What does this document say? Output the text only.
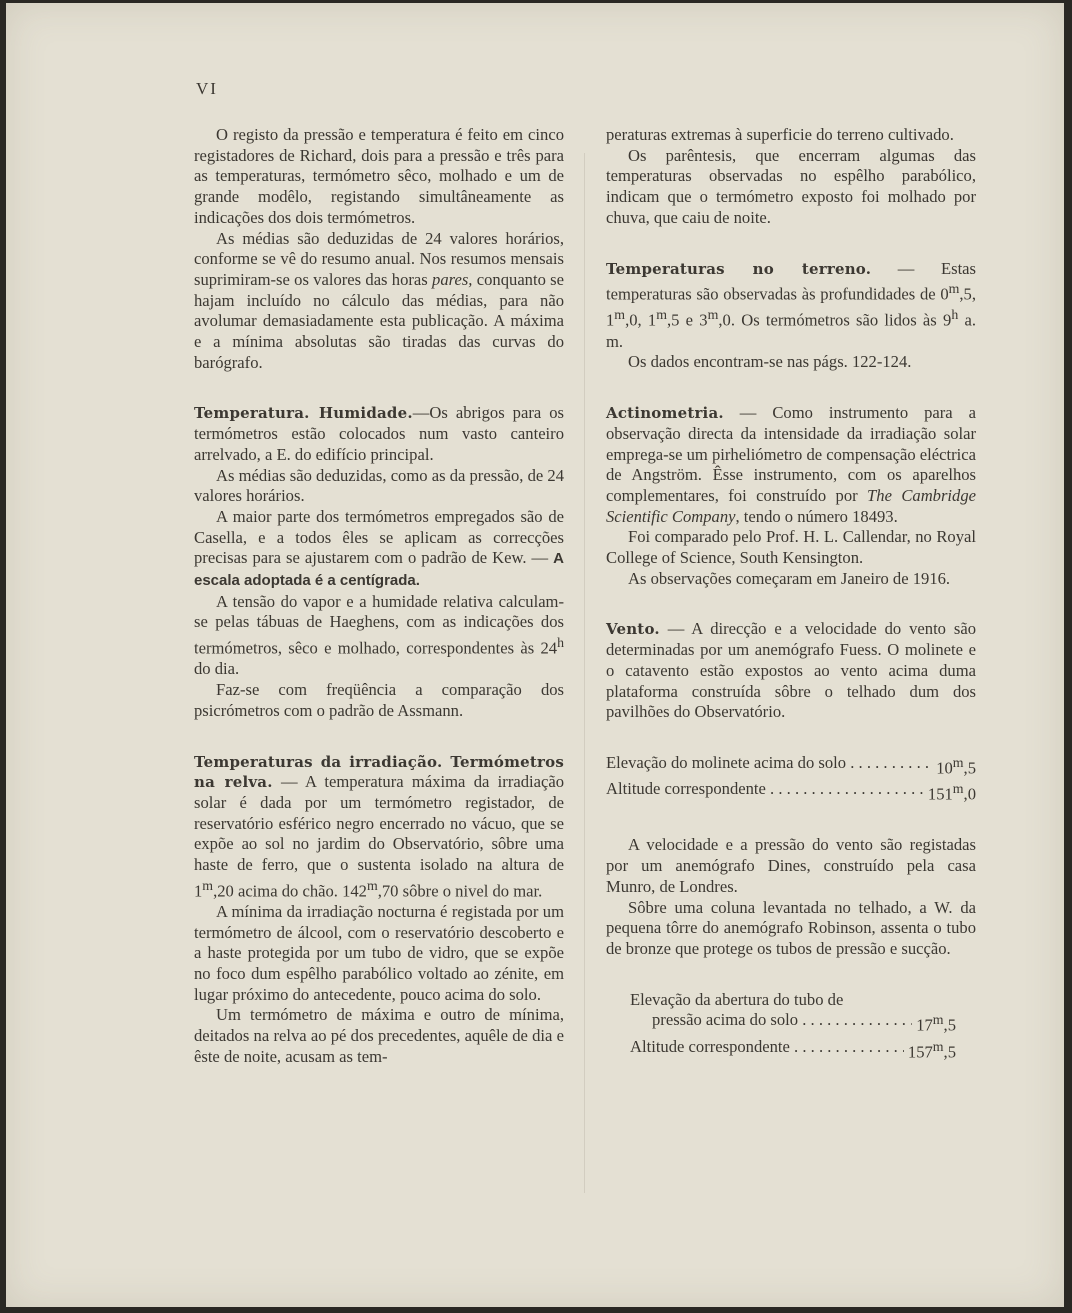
VI

O registo da pressão e temperatura é feito em cinco registadores de Richard, dois para a pressão e três para as temperaturas, termómetro sêco, molhado e um de grande modêlo, registando simultâneamente as indicações dos dois termómetros.

As médias são deduzidas de 24 valores horários, conforme se vê do resumo anual. Nos resumos mensais suprimiram-se os valores das horas pares, conquanto se hajam incluído no cálculo das médias, para não avolumar demasiadamente esta publicação. A máxima e a mínima absolutas são tiradas das curvas do barógrafo.

Temperatura. Humidade.—Os abrigos para os termómetros estão colocados num vasto canteiro arrelvado, a E. do edifício principal.

As médias são deduzidas, como as da pressão, de 24 valores horários.

A maior parte dos termómetros empregados são de Casella, e a todos êles se aplicam as correcções precisas para se ajustarem com o padrão de Kew. — A escala adoptada é a centígrada.

A tensão do vapor e a humidade relativa calculam-se pelas tábuas de Haeghens, com as indicações dos termómetros, sêco e molhado, correspondentes às 24$^h$ do dia.

Faz-se com freqüência a comparação dos psicrómetros com o padrão de Assmann.

Temperaturas da irradiação. Termómetros na relva. — A temperatura máxima da irradiação solar é dada por um termómetro registador, de reservatório esférico negro encerrado no vácuo, que se expõe ao sol no jardim do Observatório, sôbre uma haste de ferro, que o sustenta isolado na altura de 1$^m$,20 acima do chão. 142$^m$,70 sôbre o nivel do mar.

A mínima da irradiação nocturna é registada por um termómetro de álcool, com o reservatório descoberto e a haste protegida por um tubo de vidro, que se expõe no foco dum espêlho parabólico voltado ao zénite, em lugar próximo do antecedente, pouco acima do solo.

Um termómetro de máxima e outro de mínima, deitados na relva ao pé dos precedentes, aquêle de dia e êste de noite, acusam as tem-

peraturas extremas à superficie do terreno cultivado.

Os parêntesis, que encerram algumas das temperaturas observadas no espêlho parabólico, indicam que o termómetro exposto foi molhado por chuva, que caiu de noite.

Temperaturas no terreno. — Estas temperaturas são observadas às profundidades de 0$^m$,5, 1$^m$,0, 1$^m$,5 e 3$^m$,0. Os termómetros são lidos às 9$^h$ a. m.

Os dados encontram-se nas págs. 122-124.

Actinometria. — Como instrumento para a observação directa da intensidade da irradiação solar emprega-se um pirheliómetro de compensação eléctrica de Angström. Êsse instrumento, com os aparelhos complementares, foi construído por The Cambridge Scientific Company, tendo o número 18493.

Foi comparado pelo Prof. H. L. Callendar, no Royal College of Science, South Kensington.

As observações começaram em Janeiro de 1916.

Vento. — A direcção e a velocidade do vento são determinadas por um anemógrafo Fuess. O molinete e o catavento estão expostos ao vento acima duma plataforma construída sôbre o telhado dum dos pavilhões do Observatório.

Elevação do molinete acima do solo . . .	10$^m$,5
Altitude correspondente . . .	151$^m$,0

A velocidade e a pressão do vento são registadas por um anemógrafo Dines, construído pela casa Munro, de Londres.

Sôbre uma coluna levantada no telhado, a W. da pequena tôrre do anemógrafo Robinson, assenta o tubo de bronze que protege os tubos de pressão e sucção.

Elevação da abertura do tubo de
pressão acima do solo . . .	17$^m$,5
Altitude correspondente . . .	157$^m$,5
